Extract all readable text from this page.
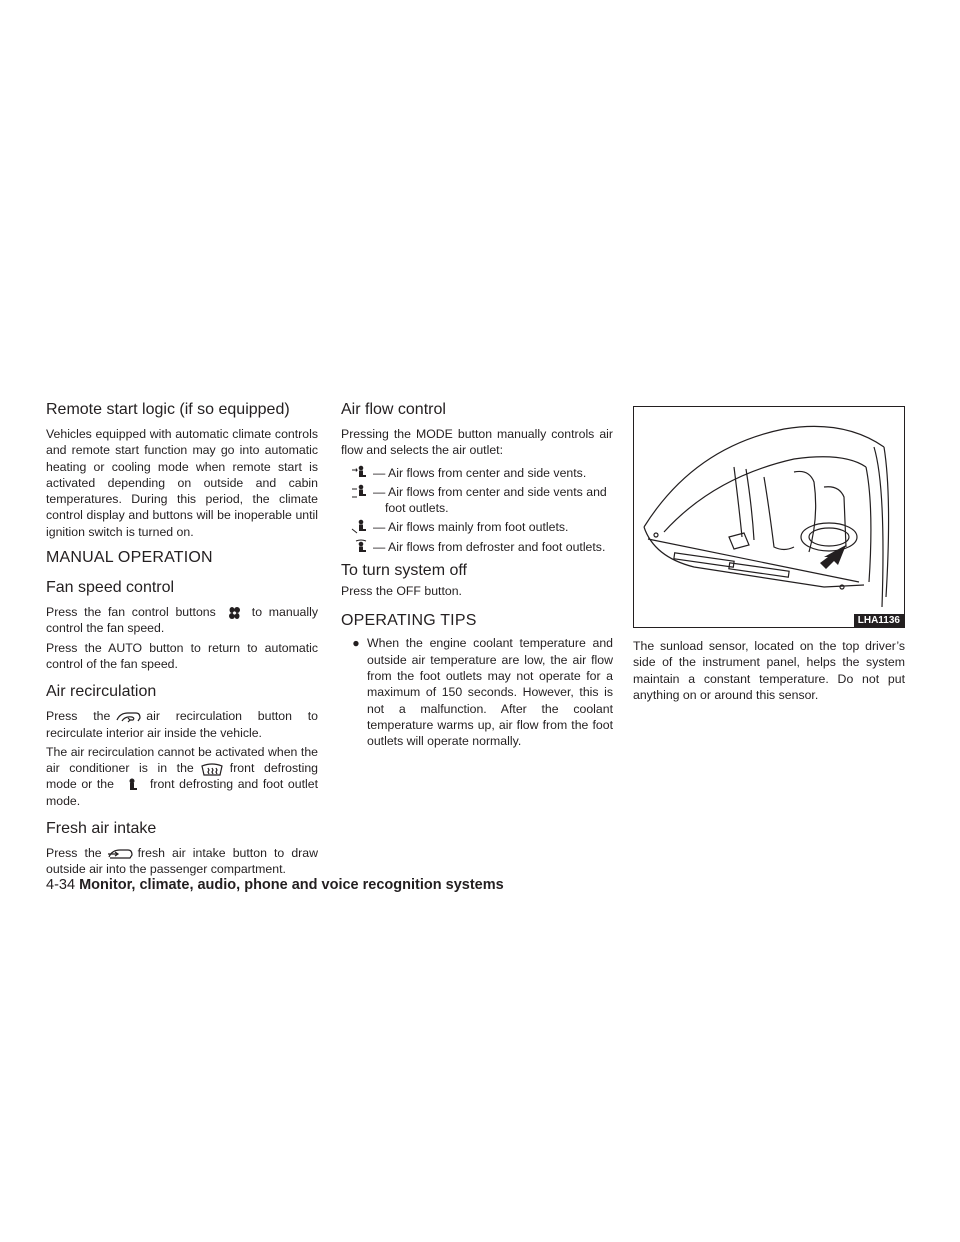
Remote start logic (if so equipped)

Vehicles equipped with automatic climate controls and remote start function may go into automatic heating or cooling mode when remote start is activated depending on outside and cabin temperatures. During this period, the climate control display and buttons will be inoperable until ignition switch is turned on.

MANUAL OPERATION
Fan speed control

Press the fan control buttons	to manually control the fan speed.

Press the AUTO button to return to automatic control of the fan speed.

Air recirculation

Press the	air recirculation button to recirculate interior air inside the vehicle.

The air recirculation cannot be activated when the air conditioner is in the	front defrosting mode or the	front defrosting and foot outlet mode.

Fresh air intake

Press the	fresh air intake button to draw outside air into the passenger compartment.

Air flow control

Pressing the MODE button manually controls air flow and selects the air outlet:

— Air flows from center and side vents.
— Air flows from center and side vents and foot outlets.
— Air flows mainly from foot outlets.
— Air flows from defroster and foot outlets.
To turn system off

Press the OFF button.

OPERATING TIPS
● When the engine coolant temperature and outside air temperature are low, the air flow from the foot outlets may not operate for a maximum of 150 seconds. However, this is not a malfunction. After the coolant temperature warms up, air flow from the foot outlets will operate normally.
LHA1136

The sunload sensor, located on the top driver’s side of the instrument panel, helps the system maintain a constant temperature. Do not put anything on or around this sensor.

4-34 Monitor, climate, audio, phone and voice recognition systems
